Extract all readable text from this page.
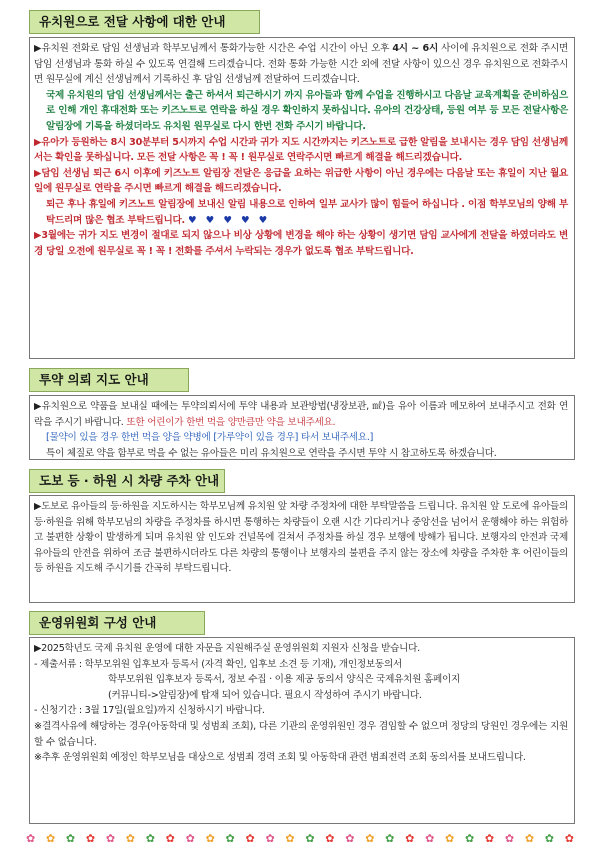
유치원으로 전달 사항에 대한 안내

▶유치원 전화로 담임 선생님과 학부모님께서 통화가능한 시간은 수업 시간이 아닌 오후 4시 ~ 6시 사이에 유치원으로 전화 주시면 담임 선생님과 통화 하실 수 있도록 연결해 드리겠습니다. 전화 통화 가능한 시간 외에 전달 사항이 있으신 경우 유치원으로 전화주시면 원무실에 계신 선생님께서 기록하신 후 담임 선생님께 전달하여 드리겠습니다.

국제 유치원의 담임 선생님께서는 출근 하셔서 퇴근하시기 까지 유아들과 함께 수업을 진행하시고 다음날 교육계획을 준비하심으로 인해 개인 휴대전화 또는 키즈노트로 연락을 하실 경우 확인하지 못하십니다. 유아의 건강상태, 등원 여부 등 모든 전달사항은 알림장에 기록을 하셨더라도 유치원 원무실로 다시 한번 전화 주시기 바랍니다.

▶유아가 등원하는 8시 30분부터 5시까지 수업 시간과 귀가 지도 시간까지는 키즈노트로 급한 알림을 보내시는 경우 담임 선생님께서는 확인을 못하십니다. 모든 전달 사항은 꼭 ! 꼭 ! 원무실로 연락주시면 빠르게 해결을 해드리겠습니다.

▶담임 선생님 퇴근 6시 이후에 키즈노트 알림장 전달은 응급을 요하는 위급한 사항이 아닌 경우에는 다음날 또는 휴일이 지난 월요일에 원무실로 연락을 주시면 빠르게 해결을 해드리겠습니다.

퇴근 후나 휴일에 키즈노트 알림장에 보내신 알림 내용으로 인하여 일부 교사가 많이 힘들어 하십니다 . 이점 학부모님의 양해 부탁드리며 많은 협조 부탁드립니다. ♥ ♥ ♥ ♥ ♥

▶3월에는 귀가 지도 변경이 절대로 되지 않으나 비상 상황에 변경을 해야 하는 상황이 생기면 담임 교사에게 전달을 하였더라도 변경 당일 오전에 원무실로 꼭 ! 꼭 ! 전화를 주셔서 누락되는 경우가 없도록 협조 부탁드립니다.

투약 의뢰 지도 안내

▶유치원으로 약품을 보내실 때에는 투약의뢰서에 투약 내용과 보관방법(냉장보관, ㎖)을 유아 이름과 메모하여 보내주시고 전화 연락을 주시기 바랍니다. 또한 어린이가 한번 먹을 양만큼만 약을 보내주세요.

[물약이 있을 경우 한번 먹을 양을 약병에 [가루약이 있을 경우] 타서 보내주세요.]

특이 체질로 약을 함부로 먹을 수 없는 유아들은 미리 유치원으로 연락을 주시면 투약 시 참고하도록 하겠습니다.

도보 등 · 하원 시 차량 주차 안내

▶도보로 유아들의 등·하원을 지도하시는 학부모님께 유치원 앞 차량 주정차에 대한 부탁말씀을 드립니다. 유치원 앞 도로에 유아들의 등·하원을 위해 학부모님의 차량을 주정차를 하시면 통행하는 차량들이 오랜 시간 기다리거나 중앙선을 넘어서 운행해야 하는 위험하고 불편한 상황이 발생하게 되며 유치원 앞 인도와 건널목에 걸쳐서 주정차를 하실 경우 보행에 방해가 됩니다. 보행자의 안전과 국제 유아들의 안전을 위하여 조금 불편하시더라도 다른 차량의 통행이나 보행자의 불편을 주지 않는 장소에 차량을 주차한 후 어린이들의 등 하원을 지도해 주시기를 간곡히 부탁드립니다.

운영위원회 구성 안내

▶2025학년도 국제 유치원 운영에 대한 자문을 지원해주실 운영위원회 지원자 신청을 받습니다.

- 제출서류 : 학부모위원 입후보자 등록서 (자격 확인, 입후보 소견 등 기재), 개인정보동의서

학부모위원 입후보자 등록서, 정보 수집 · 이용 제공 동의서 양식은 국제유치원 홈페이지

(커뮤니티->알림장)에 탑재 되어 있습니다. 필요시 작성하여 주시기 바랍니다.

- 신청기간 : 3월 17일(월요일)까지 신청하시기 바랍니다.

※결격사유에 해당하는 경우(아동학대 및 성범죄 조회), 다른 기관의 운영위원인 경우 겸임할 수 없으며 정당의 당원인 경우에는 지원할 수 없습니다.

※추후 운영위원회 예정인 학부모님을 대상으로 성범죄 경력 조회 및 아동학대 관련 범죄전력 조회 동의서를 보내드립니다.

✿ ✿ ✿ ✿ ✿ ✿ ✿ ✿ ✿ ✿ ✿ ✿ ✿ ✿ ✿ ✿ ✿ ✿ ✿ ✿ ✿ ✿ ✿ ✿ ✿ ✿ ✿ ✿
